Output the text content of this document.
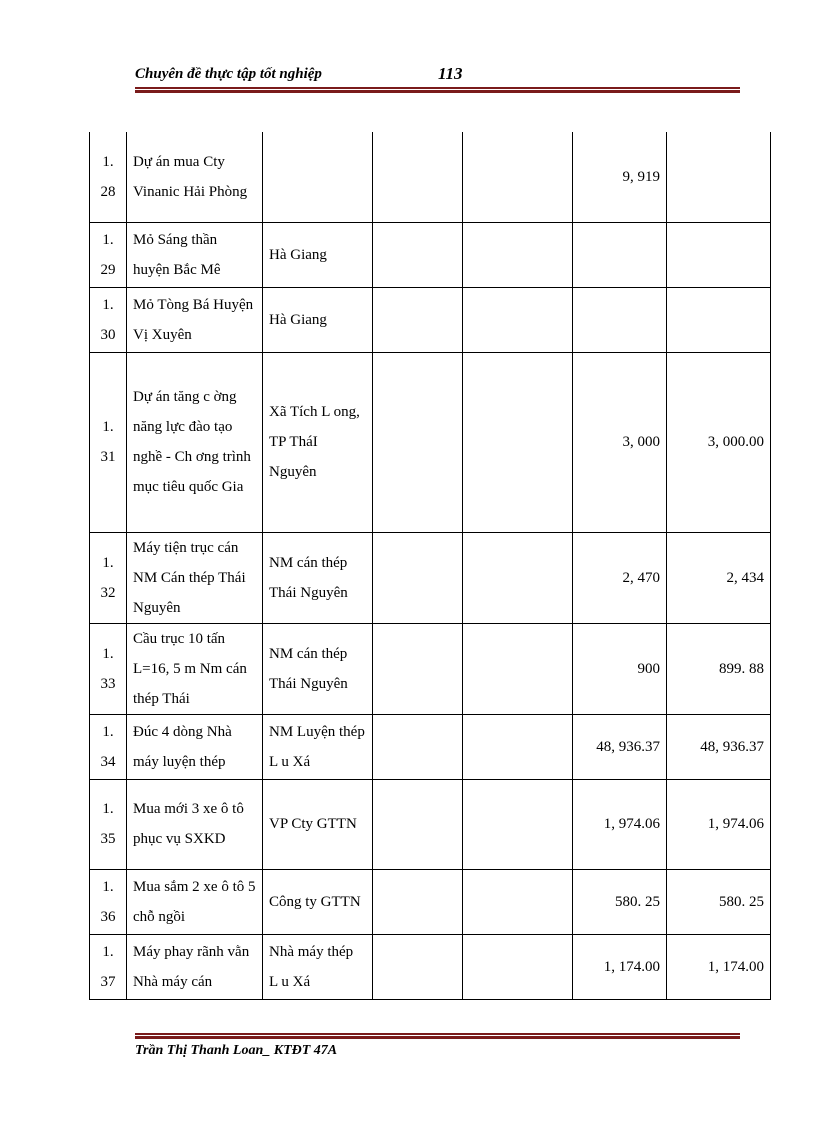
Chuyên đề thực tập tốt nghiệp	113
1.
28	Dự án mua Cty Vinanic Hải Phòng				9, 919	

1.
29	Mỏ Sáng thần huyện Bắc Mê	Hà Giang				

1.
30	Mỏ Tòng Bá Huyện Vị Xuyên	Hà Giang				

1.
31	Dự án tăng c ờng năng lực đào tạo nghề - Ch ơng trình mục tiêu quốc Gia	Xã Tích L ong, TP TháI Nguyên			3, 000	3, 000.00

1.
32	Máy tiện trục cán NM Cán thép Thái Nguyên	NM cán thép Thái Nguyên			2, 470	2, 434

1.
33	Cầu trục 10 tấn L=16, 5 m Nm cán thép Thái	NM cán thép Thái Nguyên			900	899. 88

1.
34	Đúc 4 dòng Nhà máy luyện thép	NM Luyện thép L u Xá			48, 936.37	48, 936.37

1.
35	Mua mới 3 xe ô tô phục vụ SXKD	VP Cty GTTN			1, 974.06	1, 974.06

1.
36	Mua sắm 2 xe ô tô 5 chỗ ngồi	Công ty GTTN			580. 25	580. 25

1.
37	Máy phay rãnh vằn Nhà máy cán	Nhà máy thép L u Xá			1, 174.00	1, 174.00
Trần Thị Thanh Loan_ KTĐT 47A
